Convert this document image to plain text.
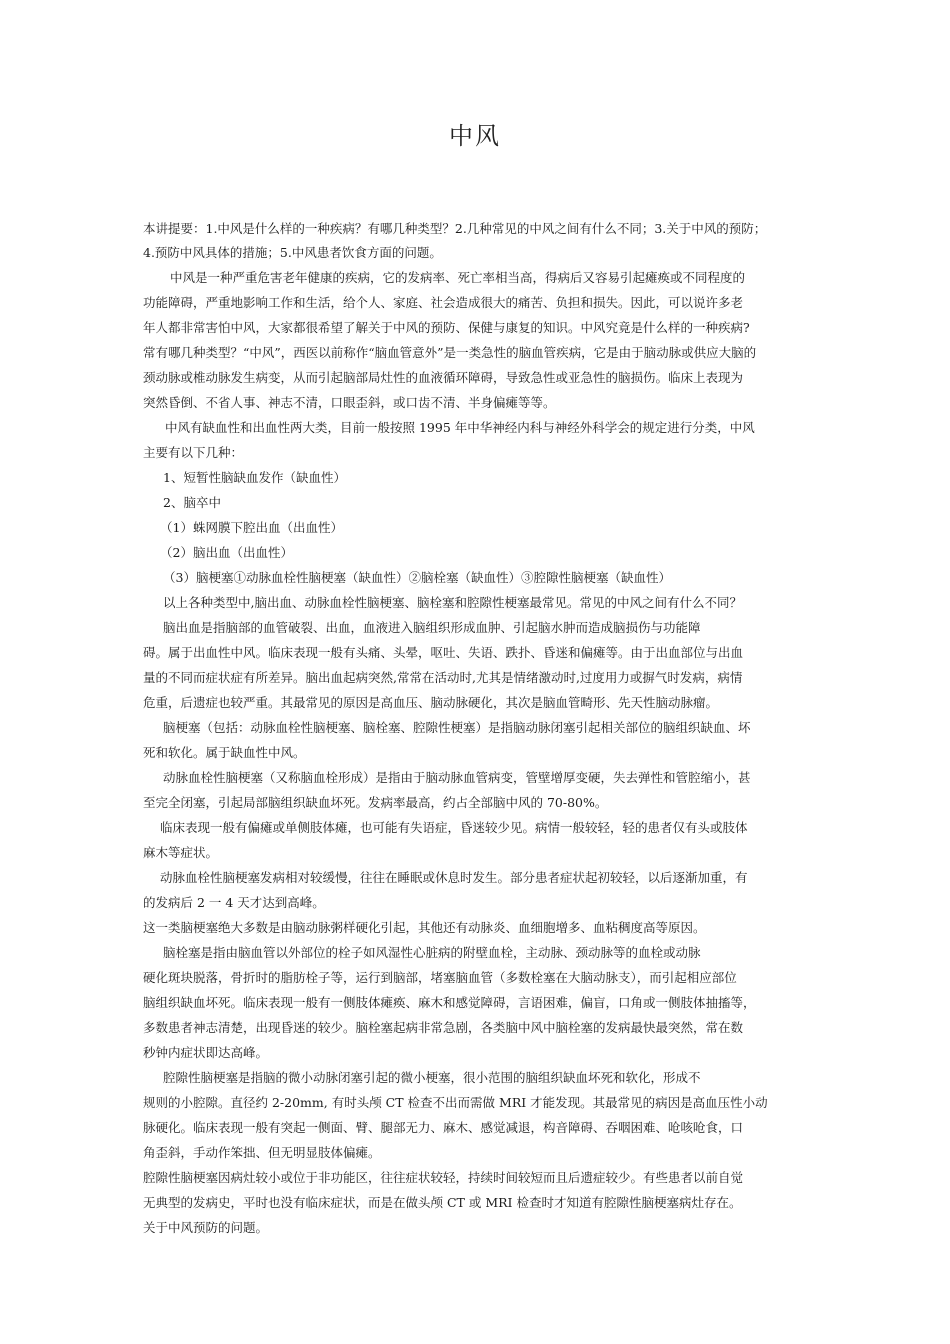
中风
本讲提要：1.中风是什么样的一种疾病？有哪几种类型？2.几种常见的中风之间有什么不同；3.关于中风的预防；
4.预防中风具体的措施；5.中风患者饮食方面的问题。
中风是一种严重危害老年健康的疾病，它的发病率、死亡率相当高，得病后又容易引起瘫痪或不同程度的
功能障碍，严重地影响工作和生活，给个人、家庭、社会造成很大的痛苦、负担和损失。因此，可以说许多老
年人都非常害怕中风，大家都很希望了解关于中风的预防、保健与康复的知识。中风究竟是什么样的一种疾病?
常有哪几种类型？“中风”，西医以前称作“脑血管意外”是一类急性的脑血管疾病，它是由于脑动脉或供应大脑的
颈动脉或椎动脉发生病变，从而引起脑部局灶性的血液循环障碍，导致急性或亚急性的脑损伤。临床上表现为
突然昏倒、不省人事、神志不清，口眼歪斜，或口齿不清、半身偏瘫等等。
中风有缺血性和出血性两大类，目前一般按照 1995 年中华神经内科与神经外科学会的规定进行分类，中风
主要有以下几种：
1、短暂性脑缺血发作（缺血性）
2、脑卒中
（1）蛛网膜下腔出血（出血性）
（2）脑出血（出血性）
（3）脑梗塞①动脉血栓性脑梗塞（缺血性）②脑栓塞（缺血性）③腔隙性脑梗塞（缺血性）
以上各种类型中,脑出血、动脉血栓性脑梗塞、脑栓塞和腔隙性梗塞最常见。常见的中风之间有什么不同？
脑出血是指脑部的血管破裂、出血，血液进入脑组织形成血肿、引起脑水肿而造成脑损伤与功能障
碍。属于出血性中风。临床表现一般有头痛、头晕，呕吐、失语、跌扑、昏迷和偏瘫等。由于出血部位与出血
量的不同而症状症有所差异。脑出血起病突然,常常在活动时,尤其是情绪激动时,过度用力或摒气时发病，病情
危重，后遗症也较严重。其最常见的原因是高血压、脑动脉硬化，其次是脑血管畸形、先天性脑动脉瘤。
脑梗塞（包括：动脉血栓性脑梗塞、脑栓塞、腔隙性梗塞）是指脑动脉闭塞引起相关部位的脑组织缺血、坏
死和软化。属于缺血性中风。
动脉血栓性脑梗塞（又称脑血栓形成）是指由于脑动脉血管病变，管壁增厚变硬，失去弹性和管腔缩小，甚
至完全闭塞，引起局部脑组织缺血坏死。发病率最高，约占全部脑中风的 70-80%。
临床表现一般有偏瘫或单侧肢体瘫，也可能有失语症，昏迷较少见。病情一般较轻，轻的患者仅有头或肢体
麻木等症状。
动脉血栓性脑梗塞发病相对较缓慢，往往在睡眠或休息时发生。部分患者症状起初较轻，以后逐渐加重，有
的发病后 2 一 4 天才达到高峰。
这一类脑梗塞绝大多数是由脑动脉粥样硬化引起，其他还有动脉炎、血细胞增多、血粘稠度高等原因。
脑栓塞是指由脑血管以外部位的栓子如风湿性心脏病的附壁血栓，主动脉、颈动脉等的血栓或动脉
硬化斑块脱落，骨折时的脂肪栓子等，运行到脑部，堵塞脑血管（多数栓塞在大脑动脉支），而引起相应部位
脑组织缺血坏死。临床表现一般有一侧肢体瘫痪、麻木和感觉障碍，言语困难，偏盲，口角或一侧肢体抽搐等，
多数患者神志清楚，出现昏迷的较少。脑栓塞起病非常急剧，各类脑中风中脑栓塞的发病最快最突然，常在数
秒钟内症状即达高峰。
腔隙性脑梗塞是指脑的微小动脉闭塞引起的微小梗塞，很小范围的脑组织缺血坏死和软化，形成不
规则的小腔隙。直径约 2-20mm, 有时头颅 CT 检查不出而需做 MRI 才能发现。其最常见的病因是高血压性小动
脉硬化。临床表现一般有突起一侧面、臂、腿部无力、麻木、感觉减退，构音障碍、吞咽困难、呛咳呛食，口
角歪斜，手动作笨拙、但无明显肢体偏瘫。
腔隙性脑梗塞因病灶较小或位于非功能区，往往症状较轻，持续时间较短而且后遗症较少。有些患者以前自觉
无典型的发病史，平时也没有临床症状，而是在做头颅 CT 或 MRI 检查时才知道有腔隙性脑梗塞病灶存在。
关于中风预防的问题。
